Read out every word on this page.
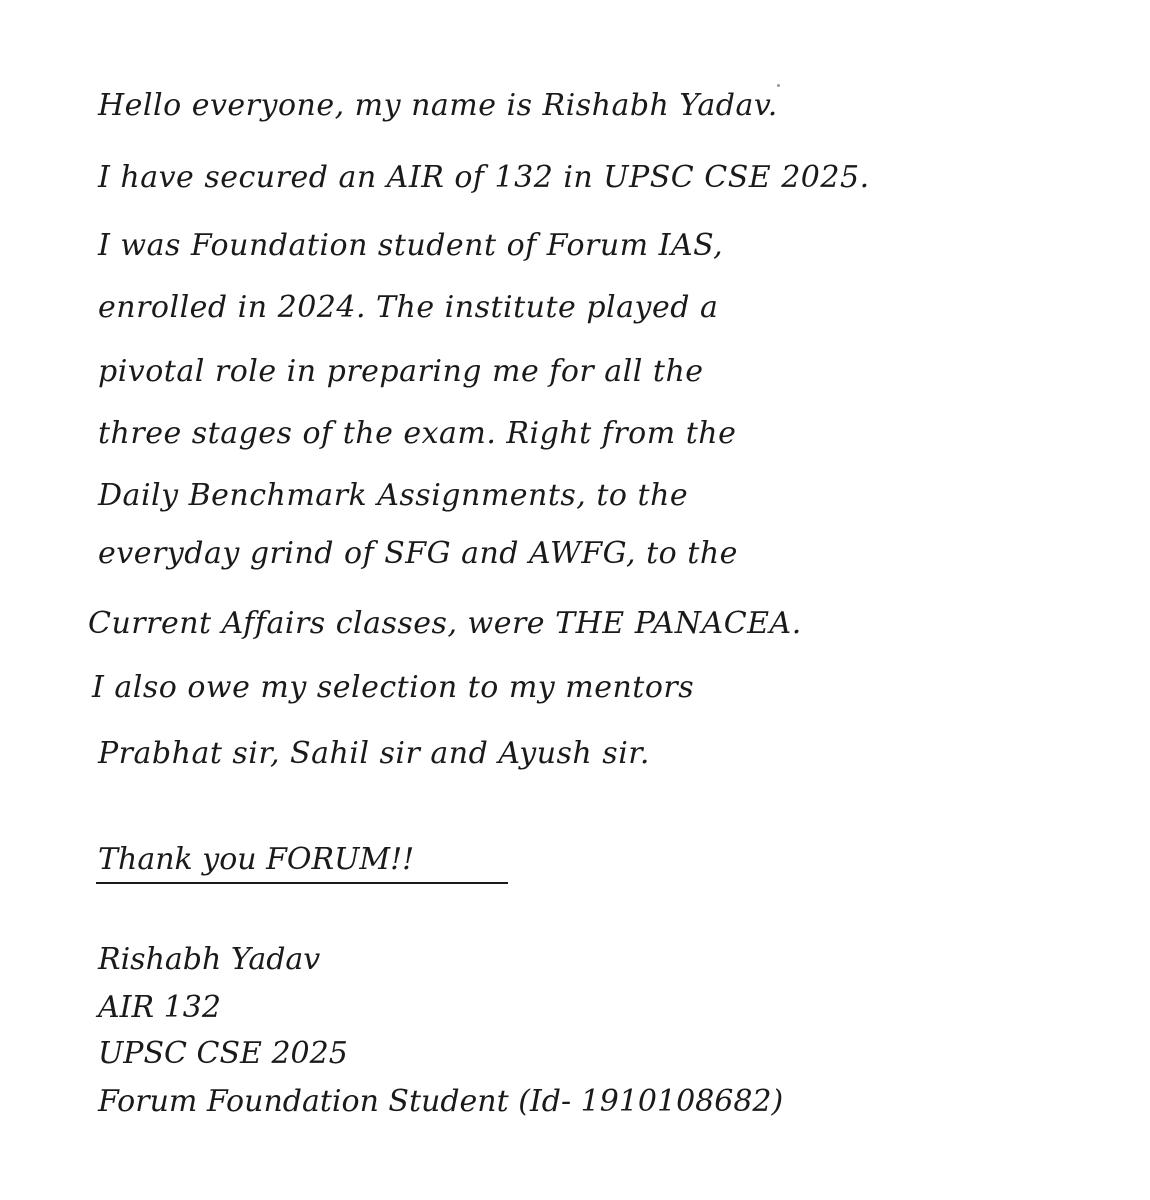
Hello everyone, my name is Rishabh Yadav.
I have secured an AIR of 132 in UPSC CSE 2025.
I was Foundation student of Forum IAS,
enrolled in 2024. The institute played a
pivotal role in preparing me for all the
three stages of the exam. Right from the
Daily Benchmark Assignments, to the
everyday grind of SFG and AWFG, to the
Current Affairs classes, were THE PANACEA.
I also owe my selection to my mentors
Prabhat sir, Sahil sir and Ayush sir.
Thank you FORUM!!
Rishabh Yadav
AIR 132
UPSC CSE 2025
Forum Foundation Student (Id- 1910108682)
